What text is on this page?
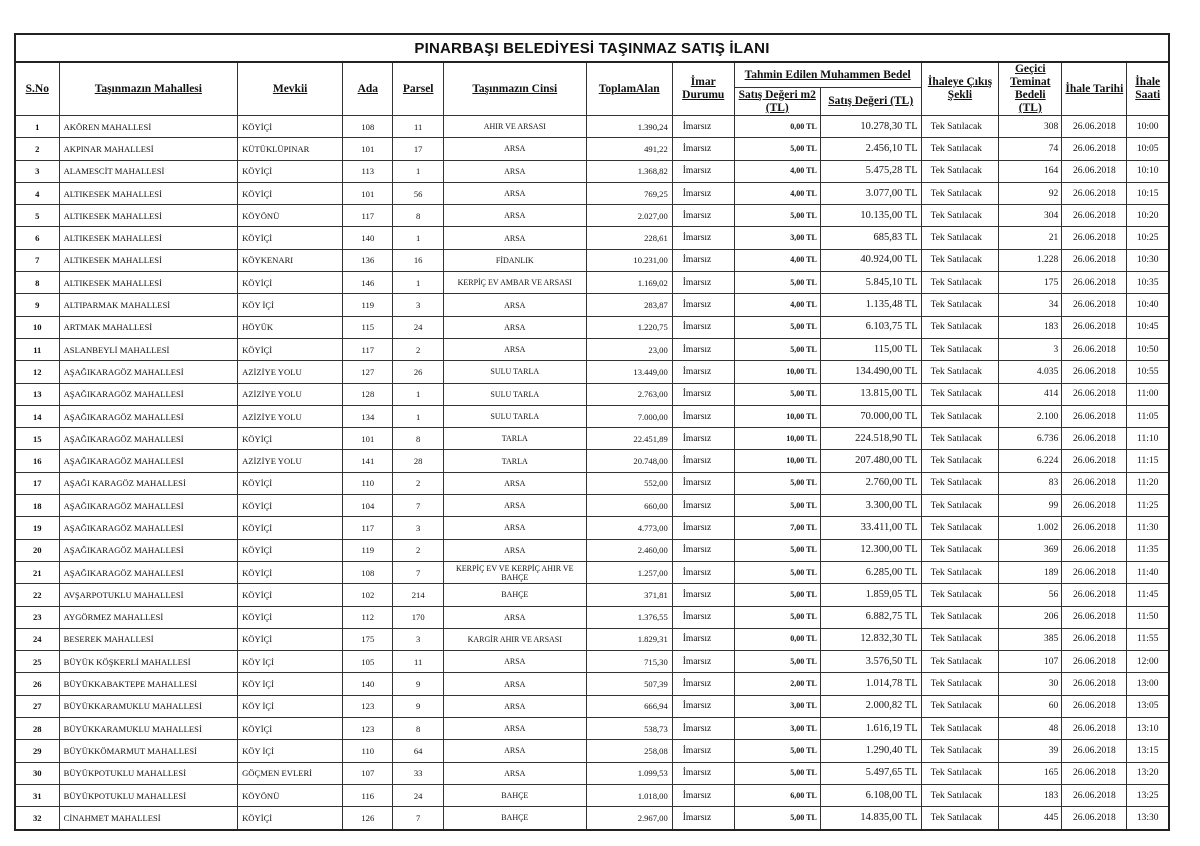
PINARBAŞI BELEDİYESİ TAŞINMAZ SATIŞ İLANI
S.No	Taşınmazın Mahallesi	Mevkii	Ada	Parsel	Taşınmazın Cinsi	ToplamAlan	İmar Durumu	Tahmin Edilen Muhammen Bedel		İhaleye Çıkış Şekli	Geçici Teminat Bedeli (TL)	İhale Tarihi	İhale Saati
								Satış Değeri m2 (TL)	Satış Değeri (TL)				
1	AKÖREN MAHALLESİ	KÖYİÇİ	108	11	AHIR VE ARSASI	1.390,24	İmarsız	0,00 TL	10.278,30 TL	Tek Satılacak	308	26.06.2018	10:00
2	AKPINAR MAHALLESİ	KÜTÜKLÜPINAR	101	17	ARSA	491,22	İmarsız	5,00 TL	2.456,10 TL	Tek Satılacak	74	26.06.2018	10:05
3	ALAMESCİT MAHALLESİ	KÖYİÇİ	113	1	ARSA	1.368,82	İmarsız	4,00 TL	5.475,28 TL	Tek Satılacak	164	26.06.2018	10:10
4	ALTIKESEK MAHALLESİ	KÖYİÇİ	101	56	ARSA	769,25	İmarsız	4,00 TL	3.077,00 TL	Tek Satılacak	92	26.06.2018	10:15
5	ALTIKESEK MAHALLESİ	KÖYÖNÜ	117	8	ARSA	2.027,00	İmarsız	5,00 TL	10.135,00 TL	Tek Satılacak	304	26.06.2018	10:20
6	ALTIKESEK MAHALLESİ	KÖYİÇİ	140	1	ARSA	228,61	İmarsız	3,00 TL	685,83 TL	Tek Satılacak	21	26.06.2018	10:25
7	ALTIKESEK MAHALLESİ	KÖYKENARI	136	16	FİDANLIK	10.231,00	İmarsız	4,00 TL	40.924,00 TL	Tek Satılacak	1.228	26.06.2018	10:30
8	ALTIKESEK MAHALLESİ	KÖYİÇİ	146	1	KERPİÇ EV AMBAR VE ARSASI	1.169,02	İmarsız	5,00 TL	5.845,10 TL	Tek Satılacak	175	26.06.2018	10:35
9	ALTIPARMAK MAHALLESİ	KÖY İÇİ	119	3	ARSA	283,87	İmarsız	4,00 TL	1.135,48 TL	Tek Satılacak	34	26.06.2018	10:40
10	ARTMAK MAHALLESİ	HÖYÜK	115	24	ARSA	1.220,75	İmarsız	5,00 TL	6.103,75 TL	Tek Satılacak	183	26.06.2018	10:45
11	ASLANBEYLİ MAHALLESİ	KÖYİÇİ	117	2	ARSA	23,00	İmarsız	5,00 TL	115,00 TL	Tek Satılacak	3	26.06.2018	10:50
12	AŞAĞIKARAGÖZ MAHALLESİ	AZİZİYE YOLU	127	26	SULU TARLA	13.449,00	İmarsız	10,00 TL	134.490,00 TL	Tek Satılacak	4.035	26.06.2018	10:55
13	AŞAĞIKARAGÖZ MAHALLESİ	AZİZİYE YOLU	128	1	SULU TARLA	2.763,00	İmarsız	5,00 TL	13.815,00 TL	Tek Satılacak	414	26.06.2018	11:00
14	AŞAĞIKARAGÖZ MAHALLESİ	AZİZİYE YOLU	134	1	SULU TARLA	7.000,00	İmarsız	10,00 TL	70.000,00 TL	Tek Satılacak	2.100	26.06.2018	11:05
15	AŞAĞIKARAGÖZ MAHALLESİ	KÖYİÇİ	101	8	TARLA	22.451,89	İmarsız	10,00 TL	224.518,90 TL	Tek Satılacak	6.736	26.06.2018	11:10
16	AŞAĞIKARAGÖZ MAHALLESİ	AZİZİYE YOLU	141	28	TARLA	20.748,00	İmarsız	10,00 TL	207.480,00 TL	Tek Satılacak	6.224	26.06.2018	11:15
17	AŞAĞI KARAGÖZ MAHALLESİ	KÖYİÇİ	110	2	ARSA	552,00	İmarsız	5,00 TL	2.760,00 TL	Tek Satılacak	83	26.06.2018	11:20
18	AŞAĞIKARAGÖZ MAHALLESİ	KÖYİÇİ	104	7	ARSA	660,00	İmarsız	5,00 TL	3.300,00 TL	Tek Satılacak	99	26.06.2018	11:25
19	AŞAĞIKARAGÖZ MAHALLESİ	KÖYİÇİ	117	3	ARSA	4.773,00	İmarsız	7,00 TL	33.411,00 TL	Tek Satılacak	1.002	26.06.2018	11:30
20	AŞAĞIKARAGÖZ MAHALLESİ	KÖYİÇİ	119	2	ARSA	2.460,00	İmarsız	5,00 TL	12.300,00 TL	Tek Satılacak	369	26.06.2018	11:35
21	AŞAĞIKARAGÖZ MAHALLESİ	KÖYİÇİ	108	7	KERPİÇ EV VE KERPİÇ AHIR VE BAHÇE	1.257,00	İmarsız	5,00 TL	6.285,00 TL	Tek Satılacak	189	26.06.2018	11:40
22	AVŞARPOTUKLU MAHALLESİ	KÖYİÇİ	102	214	BAHÇE	371,81	İmarsız	5,00 TL	1.859,05 TL	Tek Satılacak	56	26.06.2018	11:45
23	AYGÖRMEZ MAHALLESİ	KÖYİÇİ	112	170	ARSA	1.376,55	İmarsız	5,00 TL	6.882,75 TL	Tek Satılacak	206	26.06.2018	11:50
24	BESEREK MAHALLESİ	KÖYİÇİ	175	3	KARGİR AHIR VE ARSASI	1.829,31	İmarsız	0,00 TL	12.832,30 TL	Tek Satılacak	385	26.06.2018	11:55
25	BÜYÜK KÖŞKERLİ MAHALLESİ	KÖY İÇİ	105	11	ARSA	715,30	İmarsız	5,00 TL	3.576,50 TL	Tek Satılacak	107	26.06.2018	12:00
26	BÜYÜKKABAKTEPE MAHALLESİ	KÖY İÇİ	140	9	ARSA	507,39	İmarsız	2,00 TL	1.014,78 TL	Tek Satılacak	30	26.06.2018	13:00
27	BÜYÜKKARAMUKLU MAHALLESİ	KÖY İÇİ	123	9	ARSA	666,94	İmarsız	3,00 TL	2.000,82 TL	Tek Satılacak	60	26.06.2018	13:05
28	BÜYÜKKARAMUKLU MAHALLESİ	KÖYİÇİ	123	8	ARSA	538,73	İmarsız	3,00 TL	1.616,19 TL	Tek Satılacak	48	26.06.2018	13:10
29	BÜYÜKKÖMARMUT MAHALLESİ	KÖY İÇİ	110	64	ARSA	258,08	İmarsız	5,00 TL	1.290,40 TL	Tek Satılacak	39	26.06.2018	13:15
30	BÜYÜKPOTUKLU MAHALLESİ	GÖÇMEN EVLERİ	107	33	ARSA	1.099,53	İmarsız	5,00 TL	5.497,65 TL	Tek Satılacak	165	26.06.2018	13:20
31	BÜYÜKPOTUKLU MAHALLESİ	KÖYÖNÜ	116	24	BAHÇE	1.018,00	İmarsız	6,00 TL	6.108,00 TL	Tek Satılacak	183	26.06.2018	13:25
32	CİNAHMET MAHALLESİ	KÖYİÇİ	126	7	BAHÇE	2.967,00	İmarsız	5,00 TL	14.835,00 TL	Tek Satılacak	445	26.06.2018	13:30
